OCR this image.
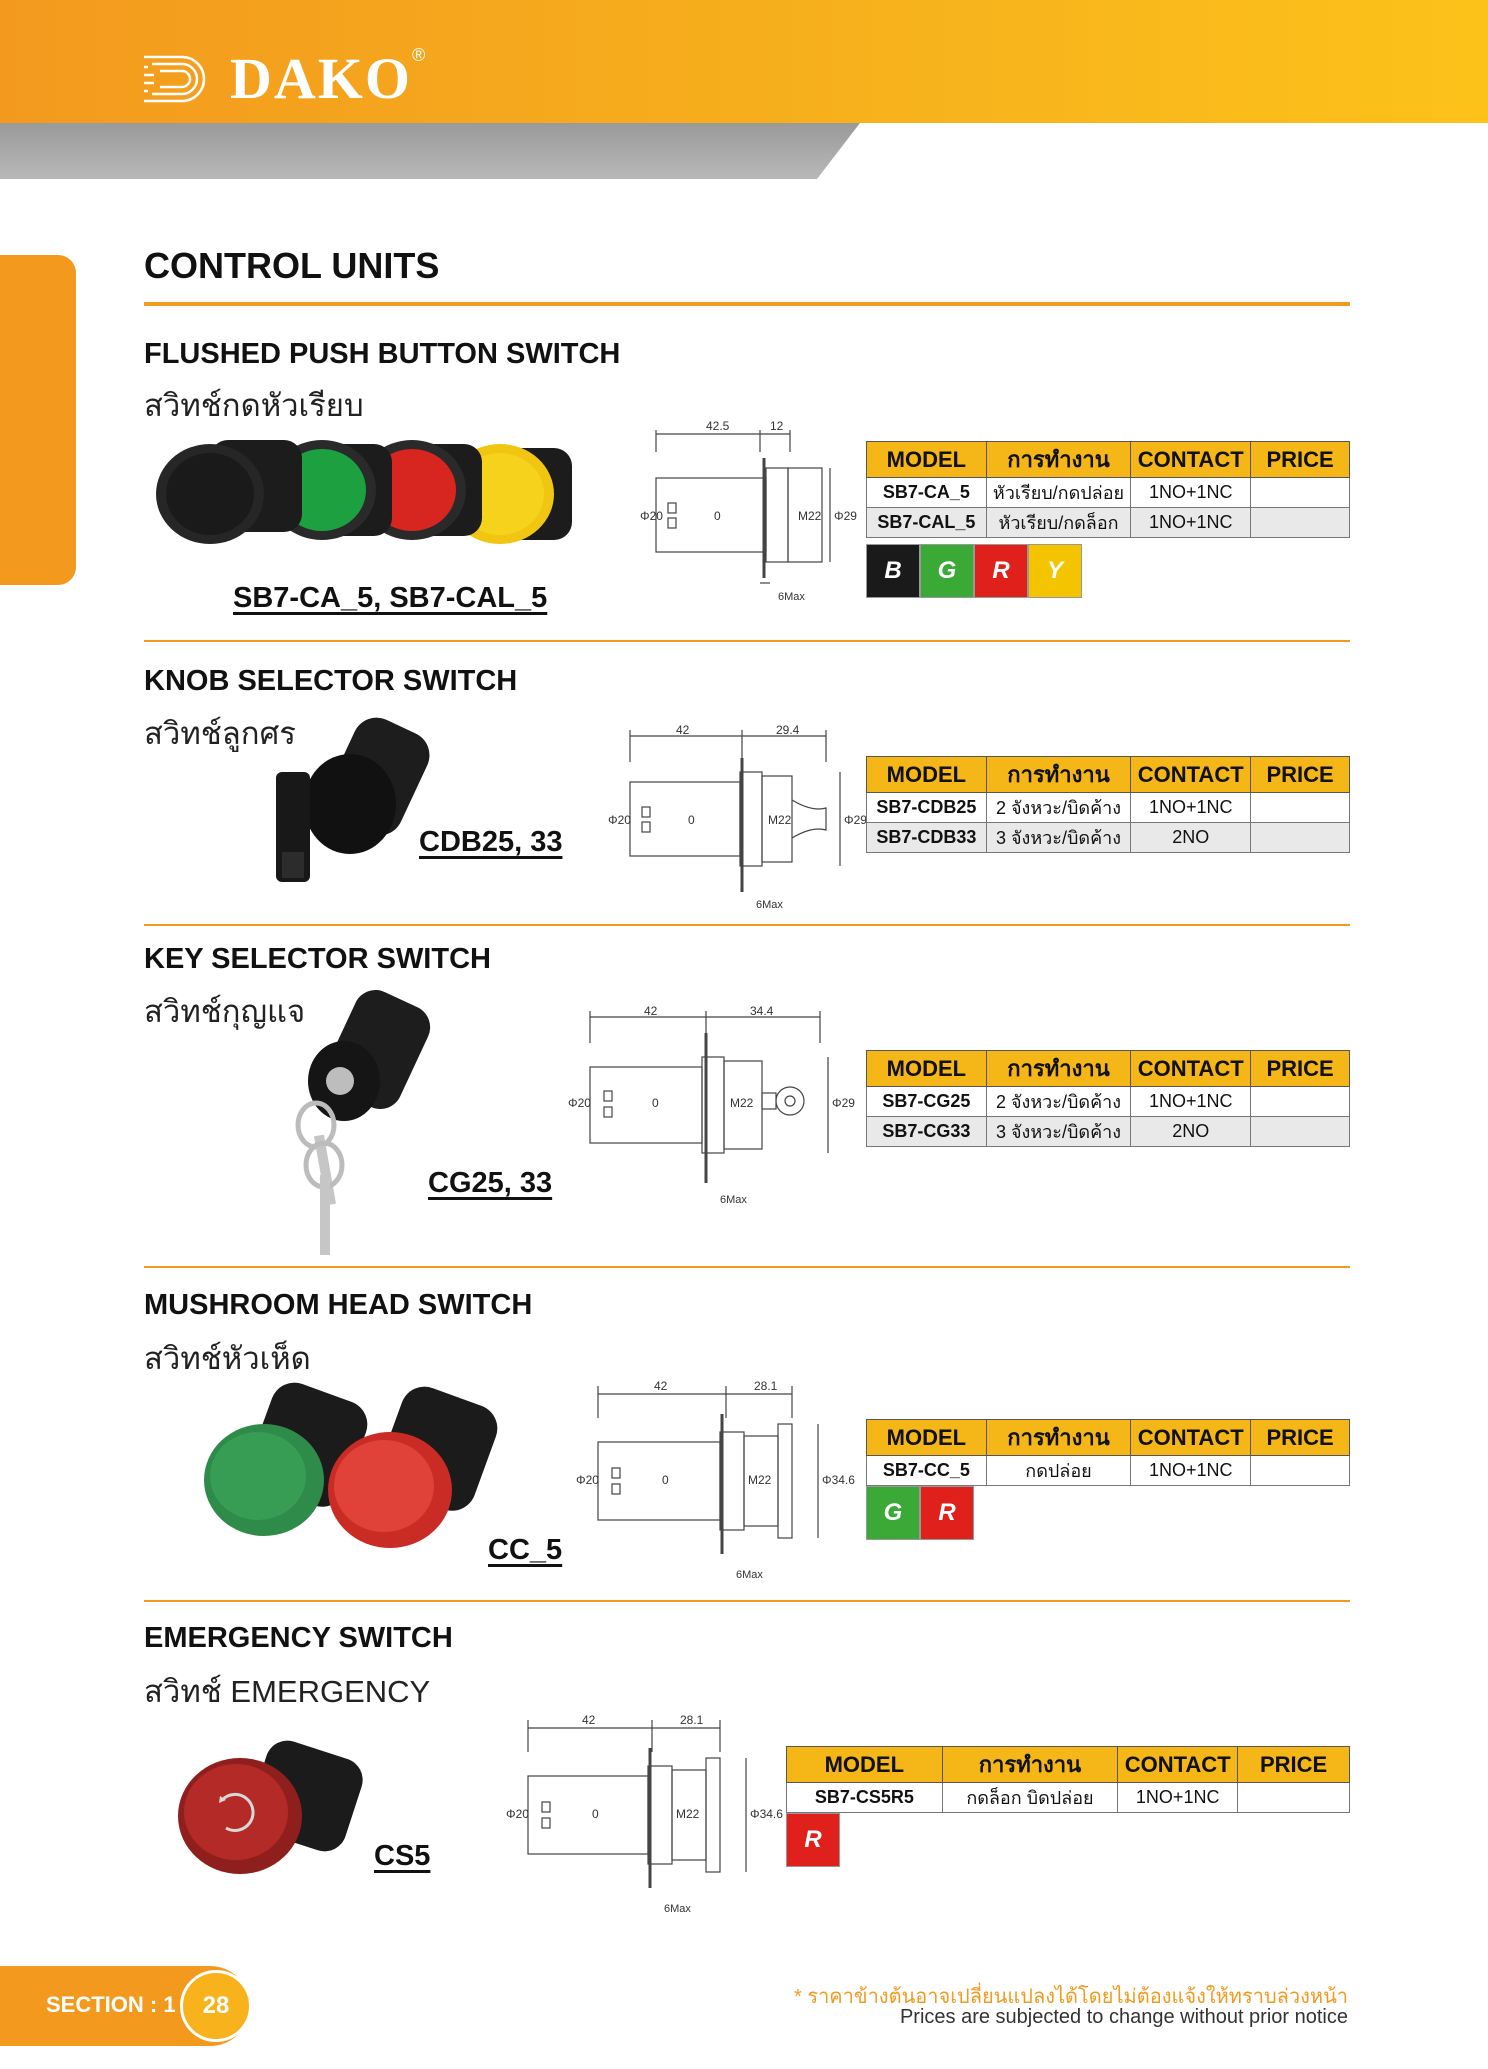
DAKO ®
CONTROL UNITS
FLUSHED PUSH BUTTON SWITCH
สวิทช์กดหัวเรียบ
SB7-CA_5, SB7-CAL_5
42.5	12
Φ20	Φ29
M22
0
6Max
MODEL	การทำงาน	CONTACT	PRICE
SB7-CA_5	หัวเรียบ/กดปล่อย	1NO+1NC	
SB7-CAL_5	หัวเรียบ/กดล็อก	1NO+1NC	
B	G	R	Y
KNOB SELECTOR SWITCH
สวิทช์ลูกศร
CDB25, 33
42	29.4
Φ20	Φ29
M22
0
6Max
MODEL	การทำงาน	CONTACT	PRICE
SB7-CDB25	2 จังหวะ/บิดค้าง	1NO+1NC	
SB7-CDB33	3 จังหวะ/บิดค้าง	2NO	
KEY SELECTOR SWITCH
สวิทช์กุญแจ
CG25, 33
42	34.4
Φ20	Φ29
M22
0
6Max
MODEL	การทำงาน	CONTACT	PRICE
SB7-CG25	2 จังหวะ/บิดค้าง	1NO+1NC	
SB7-CG33	3 จังหวะ/บิดค้าง	2NO	
MUSHROOM HEAD SWITCH
สวิทช์หัวเห็ด
CC_5
42	28.1
Φ20	Φ34.6
M22
0
6Max
MODEL	การทำงาน	CONTACT	PRICE
SB7-CC_5	กดปล่อย	1NO+1NC	
G	R
EMERGENCY SWITCH
สวิทช์ EMERGENCY
CS5
42	28.1
Φ20	Φ34.6
M22
0
6Max
MODEL	การทำงาน	CONTACT	PRICE
SB7-CS5R5	กดล็อก บิดปล่อย	1NO+1NC	
R
SECTION : 1	28	* ราคาข้างต้นอาจเปลี่ยนแปลงได้โดยไม่ต้องแจ้งให้ทราบล่วงหน้า
Prices are subjected to change without prior notice
